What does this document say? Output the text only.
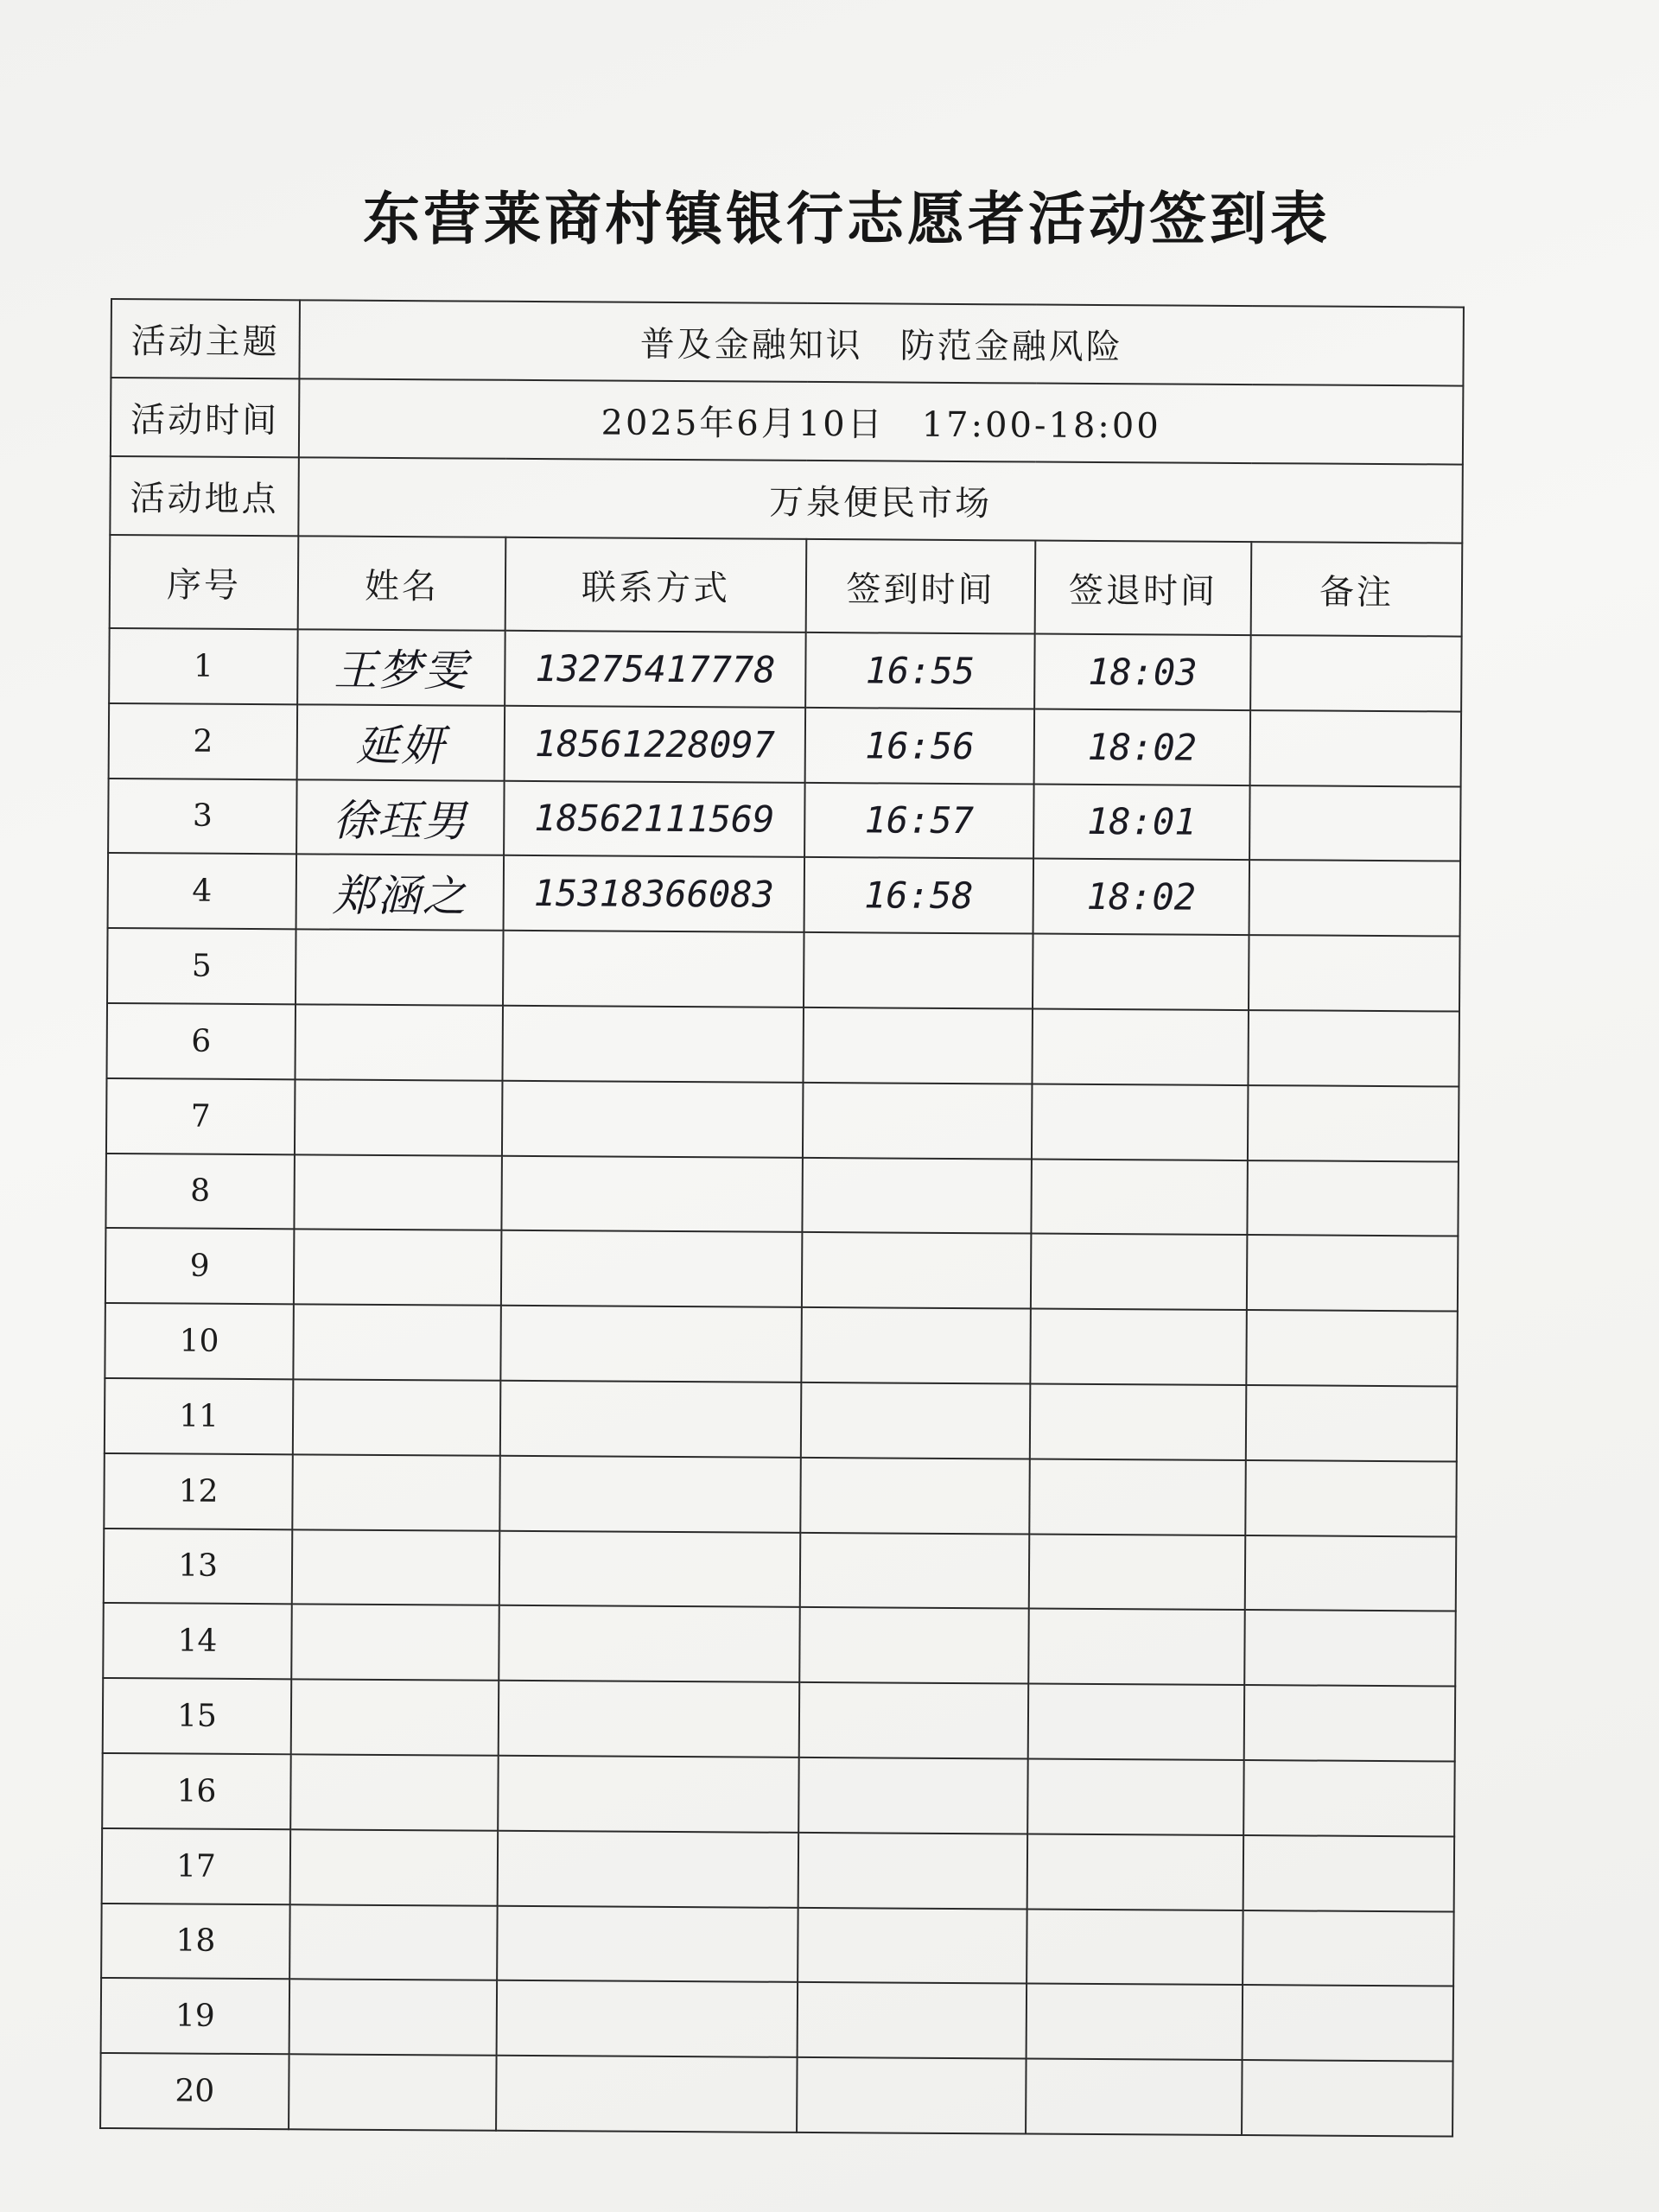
东营莱商村镇银行志愿者活动签到表
活动主题	普及金融知识　防范金融风险				
活动时间	2025年6月10日　17:00-18:00				
活动地点	万泉便民市场				
序号	姓名	联系方式	签到时间	签退时间	备注
1	王梦雯	13275417778	16:55	18:03	
2	延妍	18561228097	16:56	18:02	
3	徐珏男	18562111569	16:57	18:01	
4	郑涵之	15318366083	16:58	18:02	
5					
6					
7					
8					
9					
10					
11					
12					
13					
14					
15					
16					
17					
18					
19					
20					
